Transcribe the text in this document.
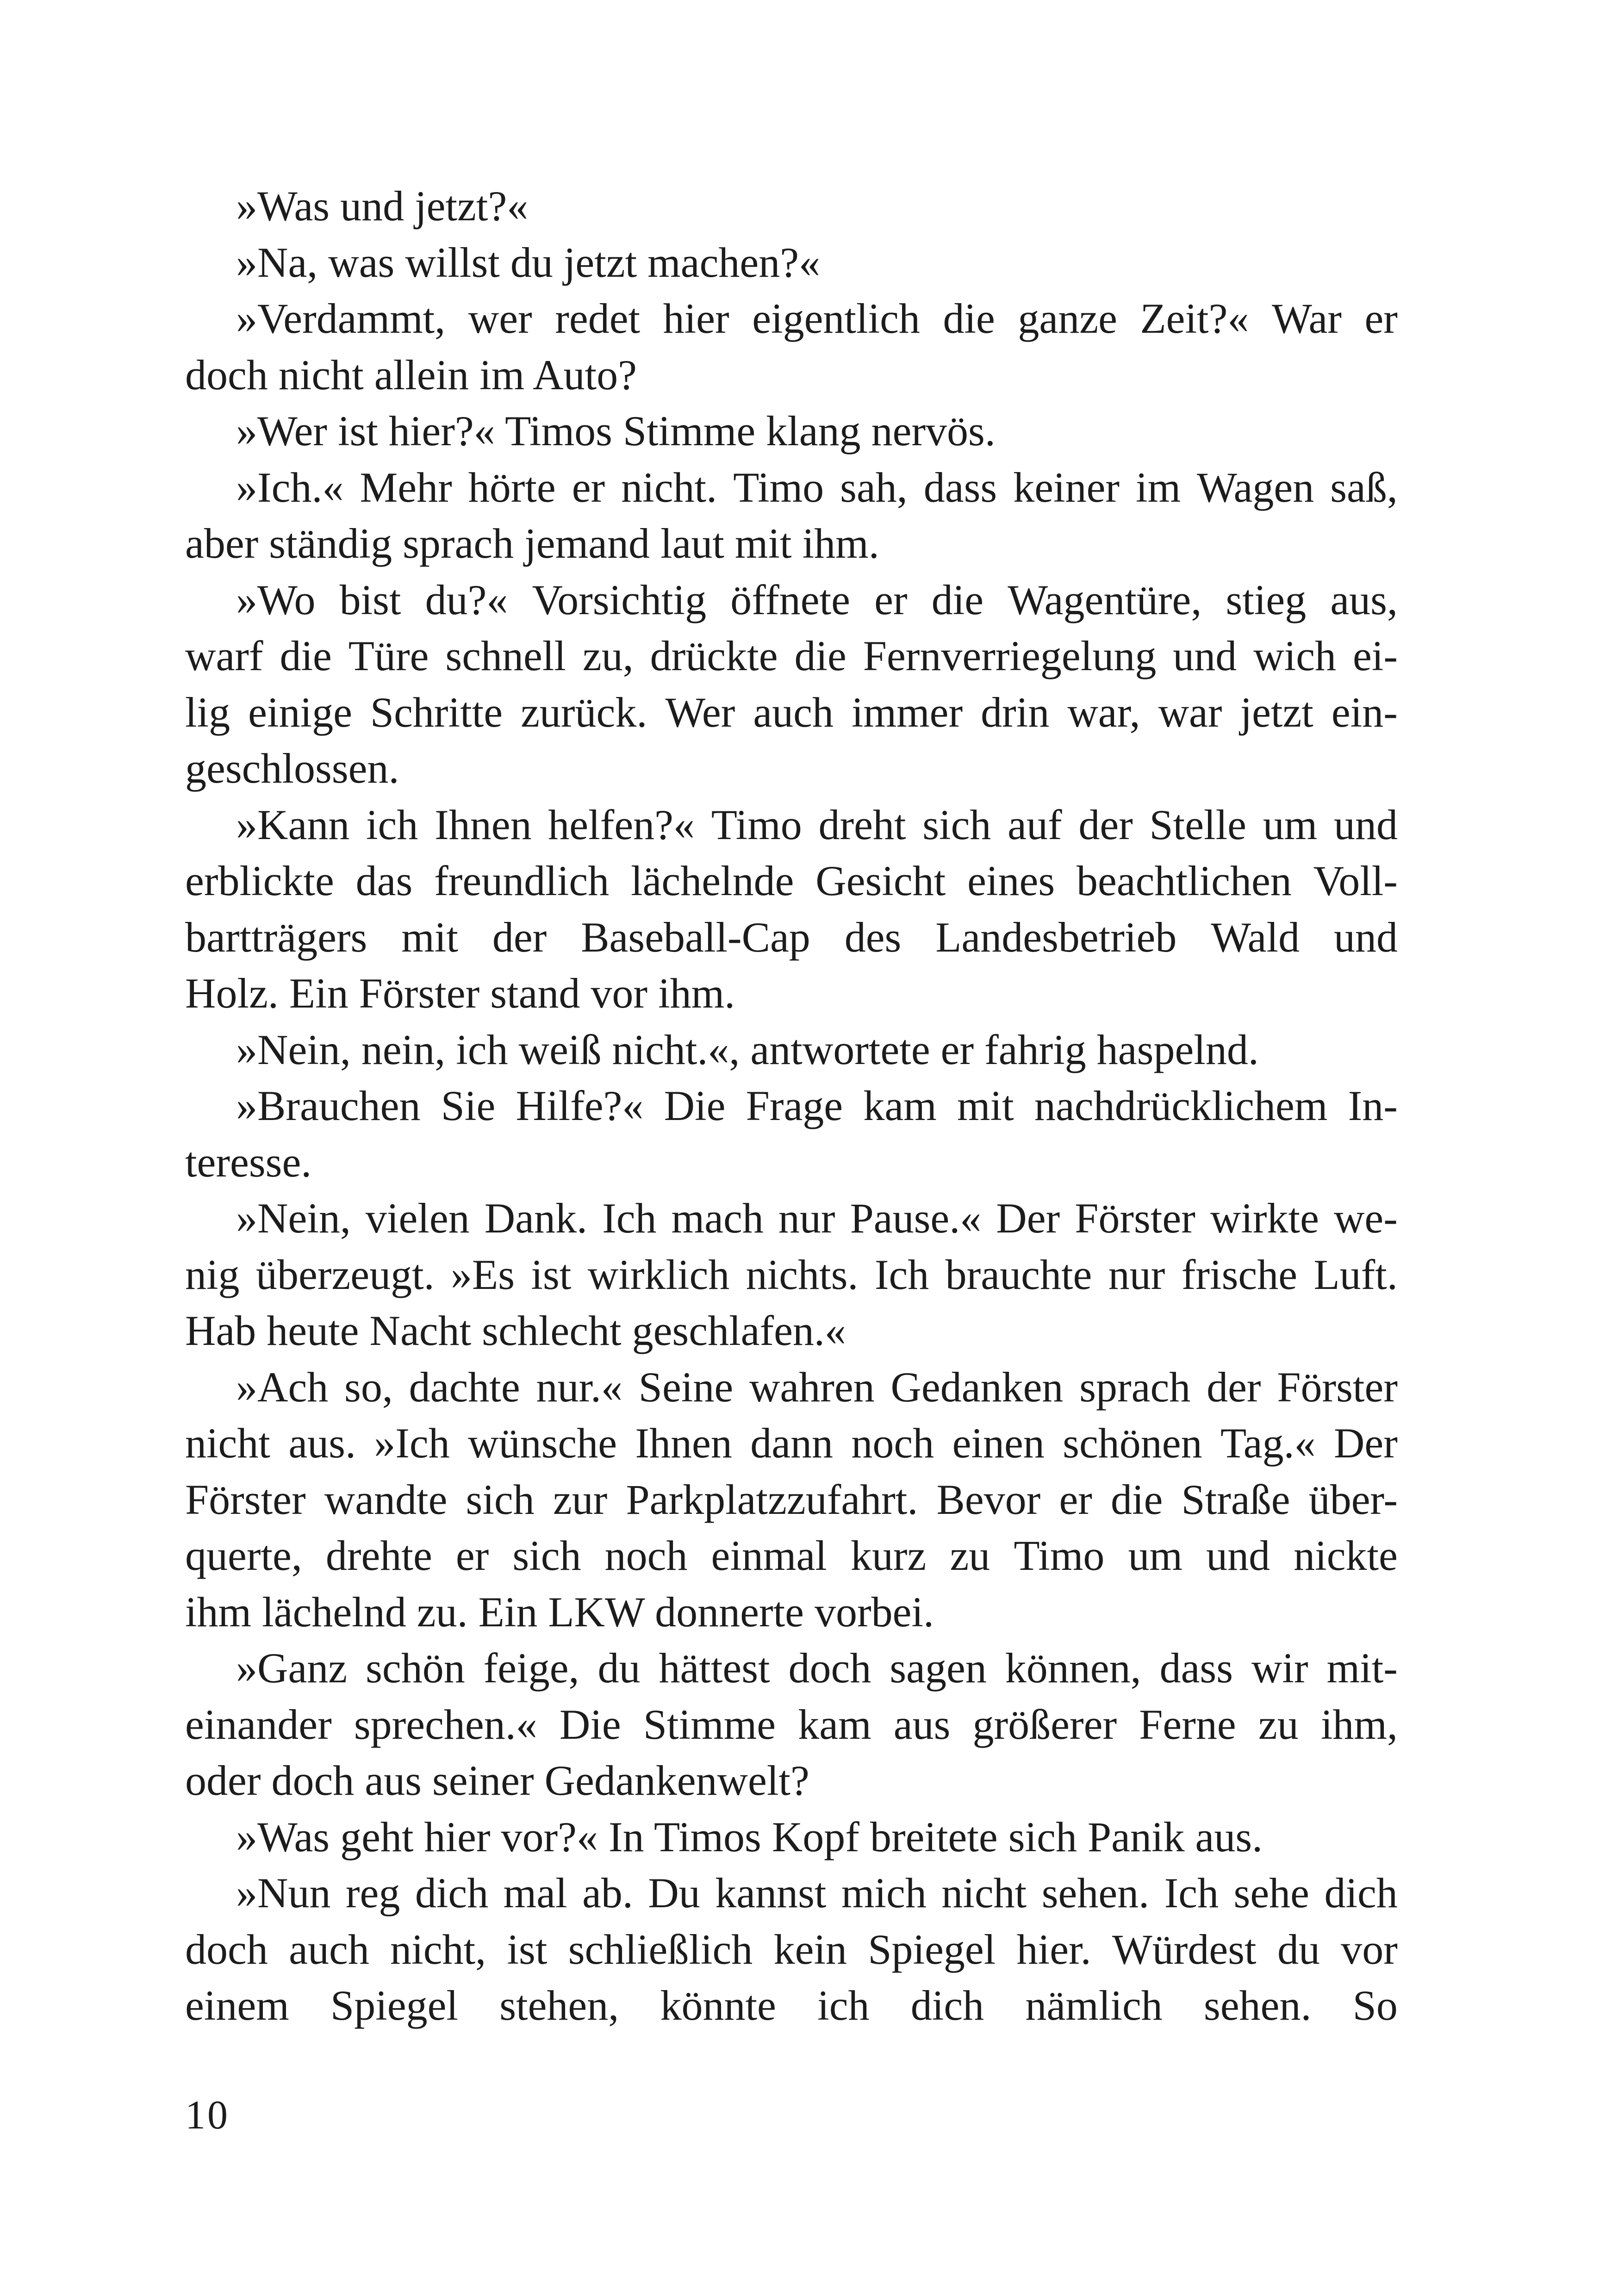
»Was und jetzt?«
»Na, was willst du jetzt machen?«
»Verdammt, wer redet hier eigentlich die ganze Zeit?« War er
doch nicht allein im Auto?
»Wer ist hier?« Timos Stimme klang nervös.
»Ich.« Mehr hörte er nicht. Timo sah, dass keiner im Wagen saß,
aber ständig sprach jemand laut mit ihm.
»Wo bist du?« Vorsichtig öffnete er die Wagentüre, stieg aus,
warf die Türe schnell zu, drückte die Fernverriegelung und wich ei-
lig einige Schritte zurück. Wer auch immer drin war, war jetzt ein-
geschlossen.
»Kann ich Ihnen helfen?« Timo dreht sich auf der Stelle um und
erblickte das freundlich lächelnde Gesicht eines beachtlichen Voll-
bartträgers mit der Baseball-Cap des Landesbetrieb Wald und
Holz. Ein Förster stand vor ihm.
»Nein, nein, ich weiß nicht.«, antwortete er fahrig haspelnd.
»Brauchen Sie Hilfe?« Die Frage kam mit nachdrücklichem In-
teresse.
»Nein, vielen Dank. Ich mach nur Pause.« Der Förster wirkte we-
nig überzeugt. »Es ist wirklich nichts. Ich brauchte nur frische Luft.
Hab heute Nacht schlecht geschlafen.«
»Ach so, dachte nur.« Seine wahren Gedanken sprach der Förster
nicht aus. »Ich wünsche Ihnen dann noch einen schönen Tag.« Der
Förster wandte sich zur Parkplatzzufahrt. Bevor er die Straße über-
querte, drehte er sich noch einmal kurz zu Timo um und nickte
ihm lächelnd zu. Ein LKW donnerte vorbei.
»Ganz schön feige, du hättest doch sagen können, dass wir mit-
einander sprechen.« Die Stimme kam aus größerer Ferne zu ihm,
oder doch aus seiner Gedankenwelt?
»Was geht hier vor?« In Timos Kopf breitete sich Panik aus.
»Nun reg dich mal ab. Du kannst mich nicht sehen. Ich sehe dich
doch auch nicht, ist schließlich kein Spiegel hier. Würdest du vor
einem Spiegel stehen, könnte ich dich nämlich sehen. So
10
